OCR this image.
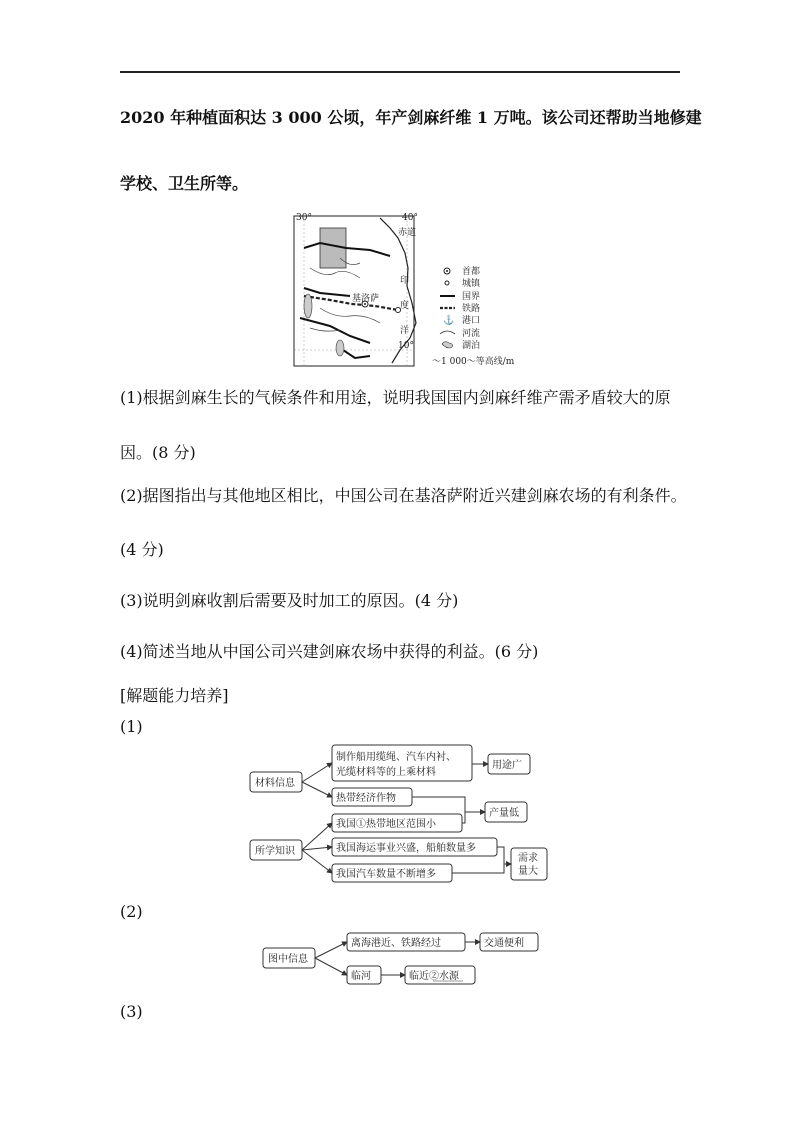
2020 年种植面积达 3 000 公顷，年产剑麻纤维 1 万吨。该公司还帮助当地修建
学校、卫生所等。
基洛萨
30°	40°
10°
赤道
印
度
洋
⚓
首都
城镇
国界
铁路
港口
河流
湖泊
～1 000～等高线/m
(1)根据剑麻生长的气候条件和用途，说明我国国内剑麻纤维产需矛盾较大的原
因。(8 分)
(2)据图指出与其他地区相比，中国公司在基洛萨附近兴建剑麻农场的有利条件。
(4 分)
(3)说明剑麻收割后需要及时加工的原因。(4 分)
(4)简述当地从中国公司兴建剑麻农场中获得的利益。(6 分)
[解题能力培养]
(1)
材料信息
制作船用缆绳、汽车内衬、
光缆材料等的上乘材料
用途广
热带经济作物
产量低
所学知识
我国①热带地区范围小
我国海运事业兴盛，船舶数量多
我国汽车数量不断增多
需求
量大
(2)
图中信息
离海港近、铁路经过	交通便利
临河	临近②水源
(3)
